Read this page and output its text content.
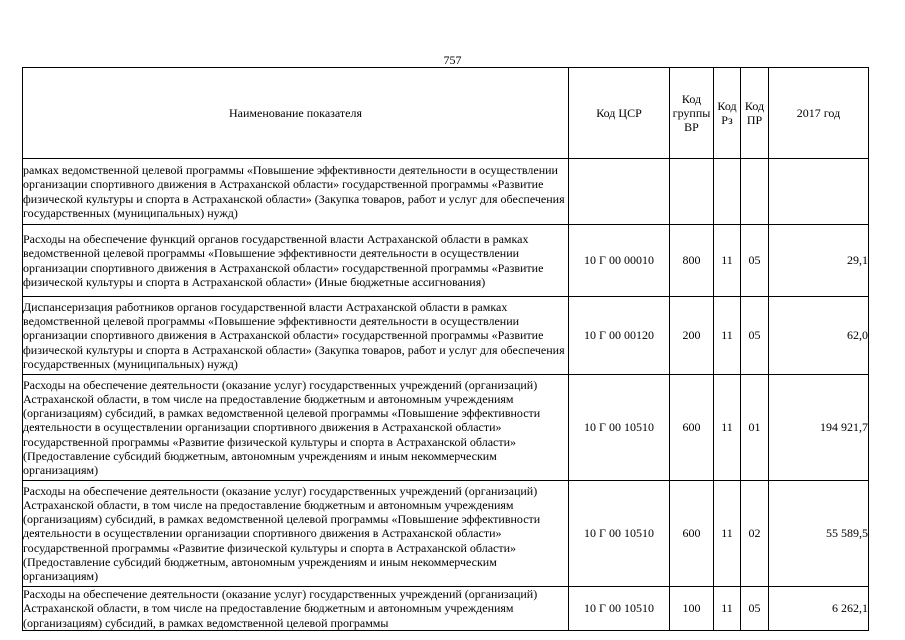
757
Наименование показателя	Код ЦСР	Код группы ВР	Код Рз	Код ПР	2017 год
рамках ведомственной целевой программы «Повышение эффективности деятельности в осуществлении организации спортивного движения в Астраханской области» государственной программы «Развитие физической культуры и спорта в Астраханской области» (Закупка товаров, работ и услуг для обеспечения государственных (муниципальных) нужд)					
Расходы на обеспечение функций органов государственной власти Астраханской области в рамках ведомственной целевой программы «Повышение эффективности деятельности в осуществлении организации спортивного движения в Астраханской области» государственной программы «Развитие физической культуры и спорта в Астраханской области» (Иные бюджетные ассигнования)	10 Г 00 00010	800	11	05	29,1
Диспансеризация работников органов государственной власти Астраханской области в рамках ведомственной целевой программы «Повышение эффективности деятельности в осуществлении организации спортивного движения в Астраханской области» государственной программы «Развитие физической культуры и спорта в Астраханской области» (Закупка товаров, работ и услуг для обеспечения государственных (муниципальных) нужд)	10 Г 00 00120	200	11	05	62,0
Расходы на обеспечение деятельности (оказание услуг) государственных учреждений (организаций) Астраханской области, в том числе на предоставление бюджетным и автономным учреждениям (организациям) субсидий, в рамках ведомственной целевой программы «Повышение эффективности деятельности в осуществлении организации спортивного движения в Астраханской области» государственной программы «Развитие физической культуры и спорта в Астраханской области» (Предоставление субсидий бюджетным, автономным учреждениям и иным некоммерческим организациям)	10 Г 00 10510	600	11	01	194 921,7
Расходы на обеспечение деятельности (оказание услуг) государственных учреждений (организаций) Астраханской области, в том числе на предоставление бюджетным и автономным учреждениям (организациям) субсидий, в рамках ведомственной целевой программы «Повышение эффективности деятельности в осуществлении организации спортивного движения в Астраханской области» государственной программы «Развитие физической культуры и спорта в Астраханской области» (Предоставление субсидий бюджетным, автономным учреждениям и иным некоммерческим организациям)	10 Г 00 10510	600	11	02	55 589,5
Расходы на обеспечение деятельности (оказание услуг) государственных учреждений (организаций) Астраханской области, в том числе на предоставление бюджетным и автономным учреждениям (организациям) субсидий, в рамках ведомственной целевой программы	10 Г 00 10510	100	11	05	6 262,1
